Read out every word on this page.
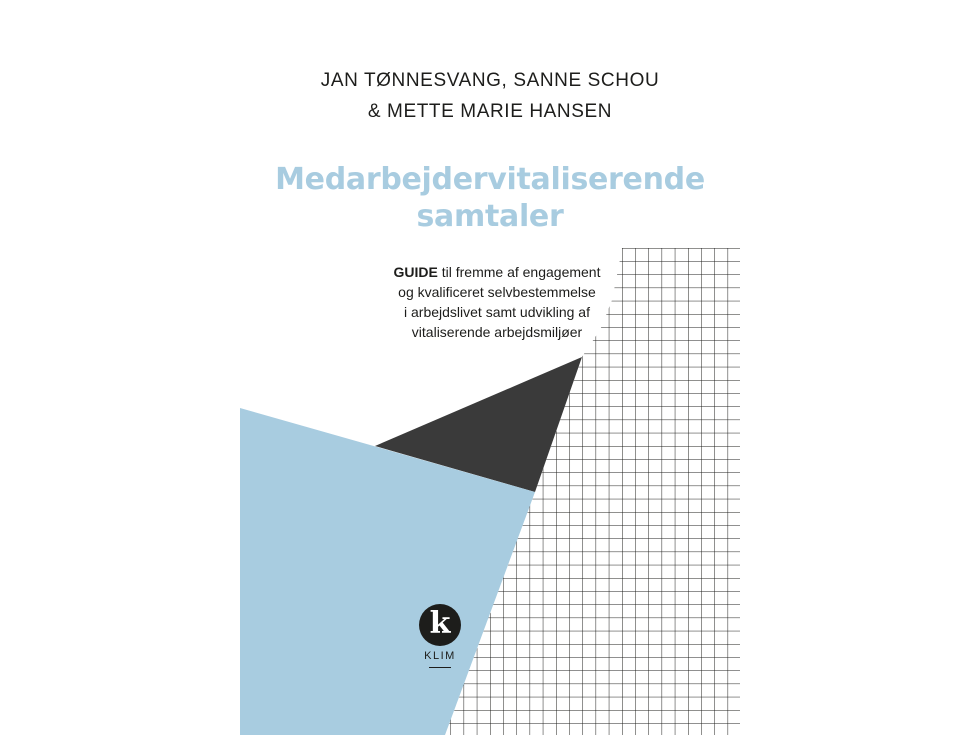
JAN TØNNESVANG, SANNE SCHOU
& METTE MARIE HANSEN
Medarbejdervitaliserende
samtaler
GUIDE til fremme af engagement
og kvalificeret selvbestemmelse
i arbejdslivet samt udvikling af
vitaliserende arbejdsmiljøer
k
KLIM
